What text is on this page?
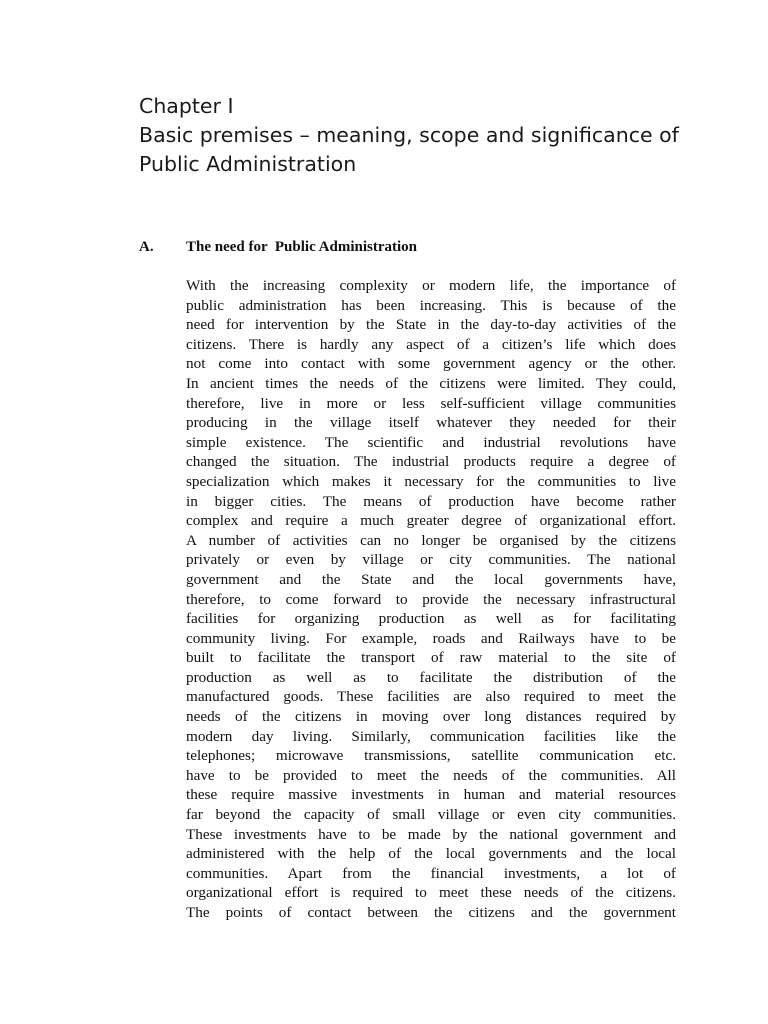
Chapter I
Basic premises – meaning, scope and significance of
Public Administration
A. The need for  Public Administration
With the increasing complexity or modern life, the importance of
public administration has been increasing. This is because of the
need for intervention by the State in the day-to-day activities of the
citizens. There is hardly any aspect of a citizen’s life which does
not come into contact with some government agency or the other.
In ancient times the needs of the citizens were limited. They could,
therefore, live in more or less self-sufficient village communities
producing in the village itself whatever they needed for their
simple existence. The scientific and industrial revolutions have
changed the situation. The industrial products require a degree of
specialization which makes it necessary for the communities to live
in bigger cities. The means of production have become rather
complex and require a much greater degree of organizational effort.
A number of activities can no longer be organised by the citizens
privately or even by village or city communities. The national
government and the State and the local governments have,
therefore, to come forward to provide the necessary infrastructural
facilities for organizing production as well as for facilitating
community living. For example, roads and Railways have to be
built to facilitate the transport of raw material to the site of
production as well as to facilitate the distribution of the
manufactured goods. These facilities are also required to meet the
needs of the citizens in moving over long distances required by
modern day living. Similarly, communication facilities like the
telephones; microwave transmissions, satellite communication etc.
have to be provided to meet the needs of the communities. All
these require massive investments in human and material resources
far beyond the capacity of small village or even city communities.
These investments have to be made by the national government and
administered with the help of the local governments and the local
communities. Apart from the financial investments, a lot of
organizational effort is required to meet these needs of the citizens.
The points of contact between the citizens and the government
